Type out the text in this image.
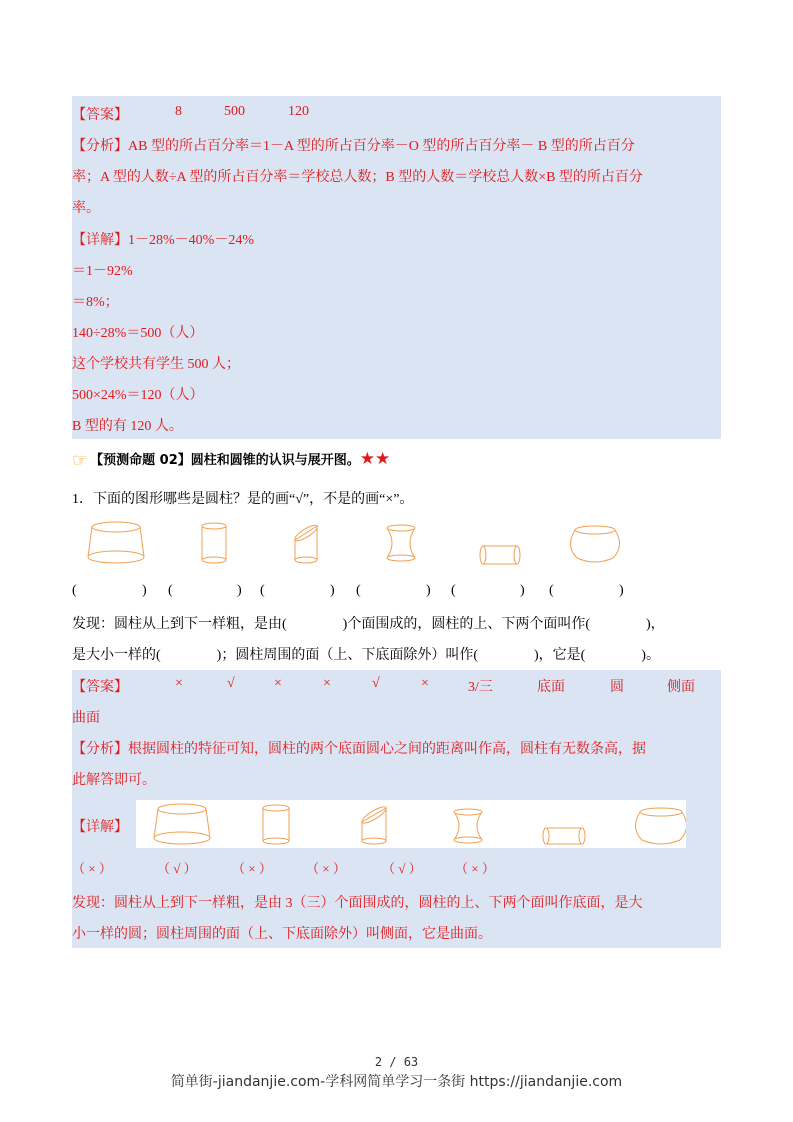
【答案】	8	500	120
【分析】AB 型的所占百分率＝1－A 型的所占百分率－O 型的所占百分率－ B 型的所占百分
率；A 型的人数÷A 型的所占百分率＝学校总人数；B 型的人数＝学校总人数×B 型的所占百分
率。
【详解】1－28%－40%－24%
＝1－92%
＝8%；
140÷28%＝500（人）
这个学校共有学生 500 人；
500×24%＝120（人）
B 型的有 120 人。
☞ 【预测命题 02】圆柱和圆锥的认识与展开图。★★
1．下面的图形哪些是圆柱？是的画“√”，不是的画“×”。
(	) (	) (	) (	) (	) (	)
发现：圆柱从上到下一样粗，是由(　　　　)个面围成的，圆柱的上、下两个面叫作(　　　　)，
是大小一样的(　　　　)；圆柱周围的面（上、下底面除外）叫作(　　　　)，它是(　　　　)。
【答案】	×	√	×	×	√	×	3/三	底面	圆	侧面
曲面
【分析】根据圆柱的特征可知，圆柱的两个底面圆心之间的距离叫作高，圆柱有无数条高，据
此解答即可。
【详解】
（ × ）	（ √ ）	（ × ）	（ × ）	（ √ ）	（ × ）
发现：圆柱从上到下一样粗，是由 3（三）个面围成的，圆柱的上、下两个面叫作底面，是大
小一样的圆；圆柱周围的面（上、下底面除外）叫侧面，它是曲面。
2 / 63
简单街-jiandanjie.com-学科网简单学习一条街 https://jiandanjie.com
